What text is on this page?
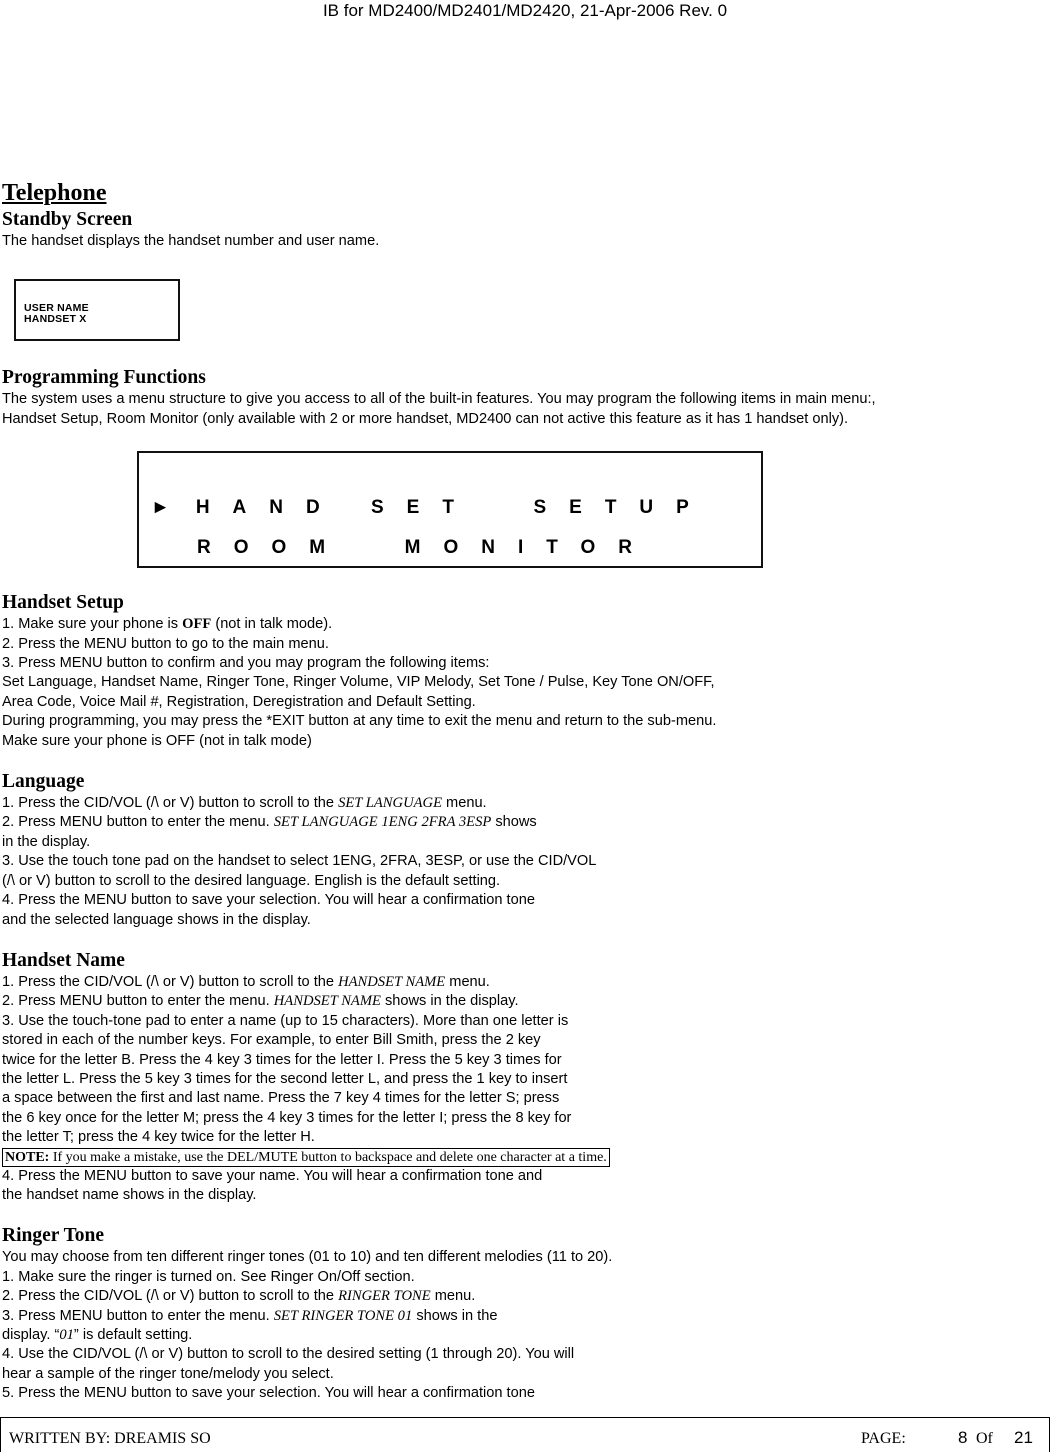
IB for MD2400/MD2401/MD2420, 21-Apr-2006 Rev. 0
USER NAME
HANDSET X
►HAND SET  SETUP
ROOM  MONITOR
Telephone
Standby Screen

The handset displays the handset number and user name.

Programming Functions

The system uses a menu structure to give you access to all of the built-in features. You may program the following items in main menu:,

Handset Setup, Room Monitor (only available with 2 or more handset, MD2400 can not active this feature as it has 1 handset only).

Handset Setup

1. Make sure your phone is OFF (not in talk mode).

2. Press the MENU button to go to the main menu.

3. Press MENU button to confirm and you may program the following items:

Set Language, Handset Name, Ringer Tone, Ringer Volume, VIP Melody, Set Tone / Pulse, Key Tone ON/OFF,

Area Code, Voice Mail #, Registration, Deregistration and Default Setting.

During programming, you may press the *EXIT button at any time to exit the menu and return to the sub-menu.

Make sure your phone is OFF (not in talk mode)

Language

1. Press the CID/VOL (/\ or V) button to scroll to the SET LANGUAGE menu.

2. Press MENU button to enter the menu. SET LANGUAGE 1ENG 2FRA 3ESP shows

in the display.

3. Use the touch tone pad on the handset to select 1ENG, 2FRA, 3ESP, or use the CID/VOL

(/\ or V) button to scroll to the desired language. English is the default setting.

4. Press the MENU button to save your selection. You will hear a confirmation tone

and the selected language shows in the display.

Handset Name

1. Press the CID/VOL (/\ or V) button to scroll to the HANDSET NAME menu.

2. Press MENU button to enter the menu. HANDSET NAME shows in the display.

3. Use the touch-tone pad to enter a name (up to 15 characters). More than one letter is

stored in each of the number keys. For example, to enter Bill Smith, press the 2 key

twice for the letter B. Press the 4 key 3 times for the letter I. Press the 5 key 3 times for

the letter L. Press the 5 key 3 times for the second letter L, and press the 1 key to insert

a space between the first and last name. Press the 7 key 4 times for the letter S; press

the 6 key once for the letter M; press the 4 key 3 times for the letter I; press the 8 key for

the letter T; press the 4 key twice for the letter H.

NOTE: If you make a mistake, use the DEL/MUTE button to backspace and delete one character at a time.

4. Press the MENU button to save your name. You will hear a confirmation tone and

the handset name shows in the display.

Ringer Tone

You may choose from ten different ringer tones (01 to 10) and ten different melodies (11 to 20).

1. Make sure the ringer is turned on. See Ringer On/Off section.

2. Press the CID/VOL (/\ or V) button to scroll to the RINGER TONE menu.

3. Press MENU button to enter the menu. SET RINGER TONE 01 shows in the

display. “01” is default setting.

4. Use the CID/VOL (/\ or V) button to scroll to the desired setting (1 through 20). You will

hear a sample of the ringer tone/melody you select.

5. Press the MENU button to save your selection. You will hear a confirmation tone

WRITTEN BY: DREAMIS SO	PAGE:	8 Of 21
